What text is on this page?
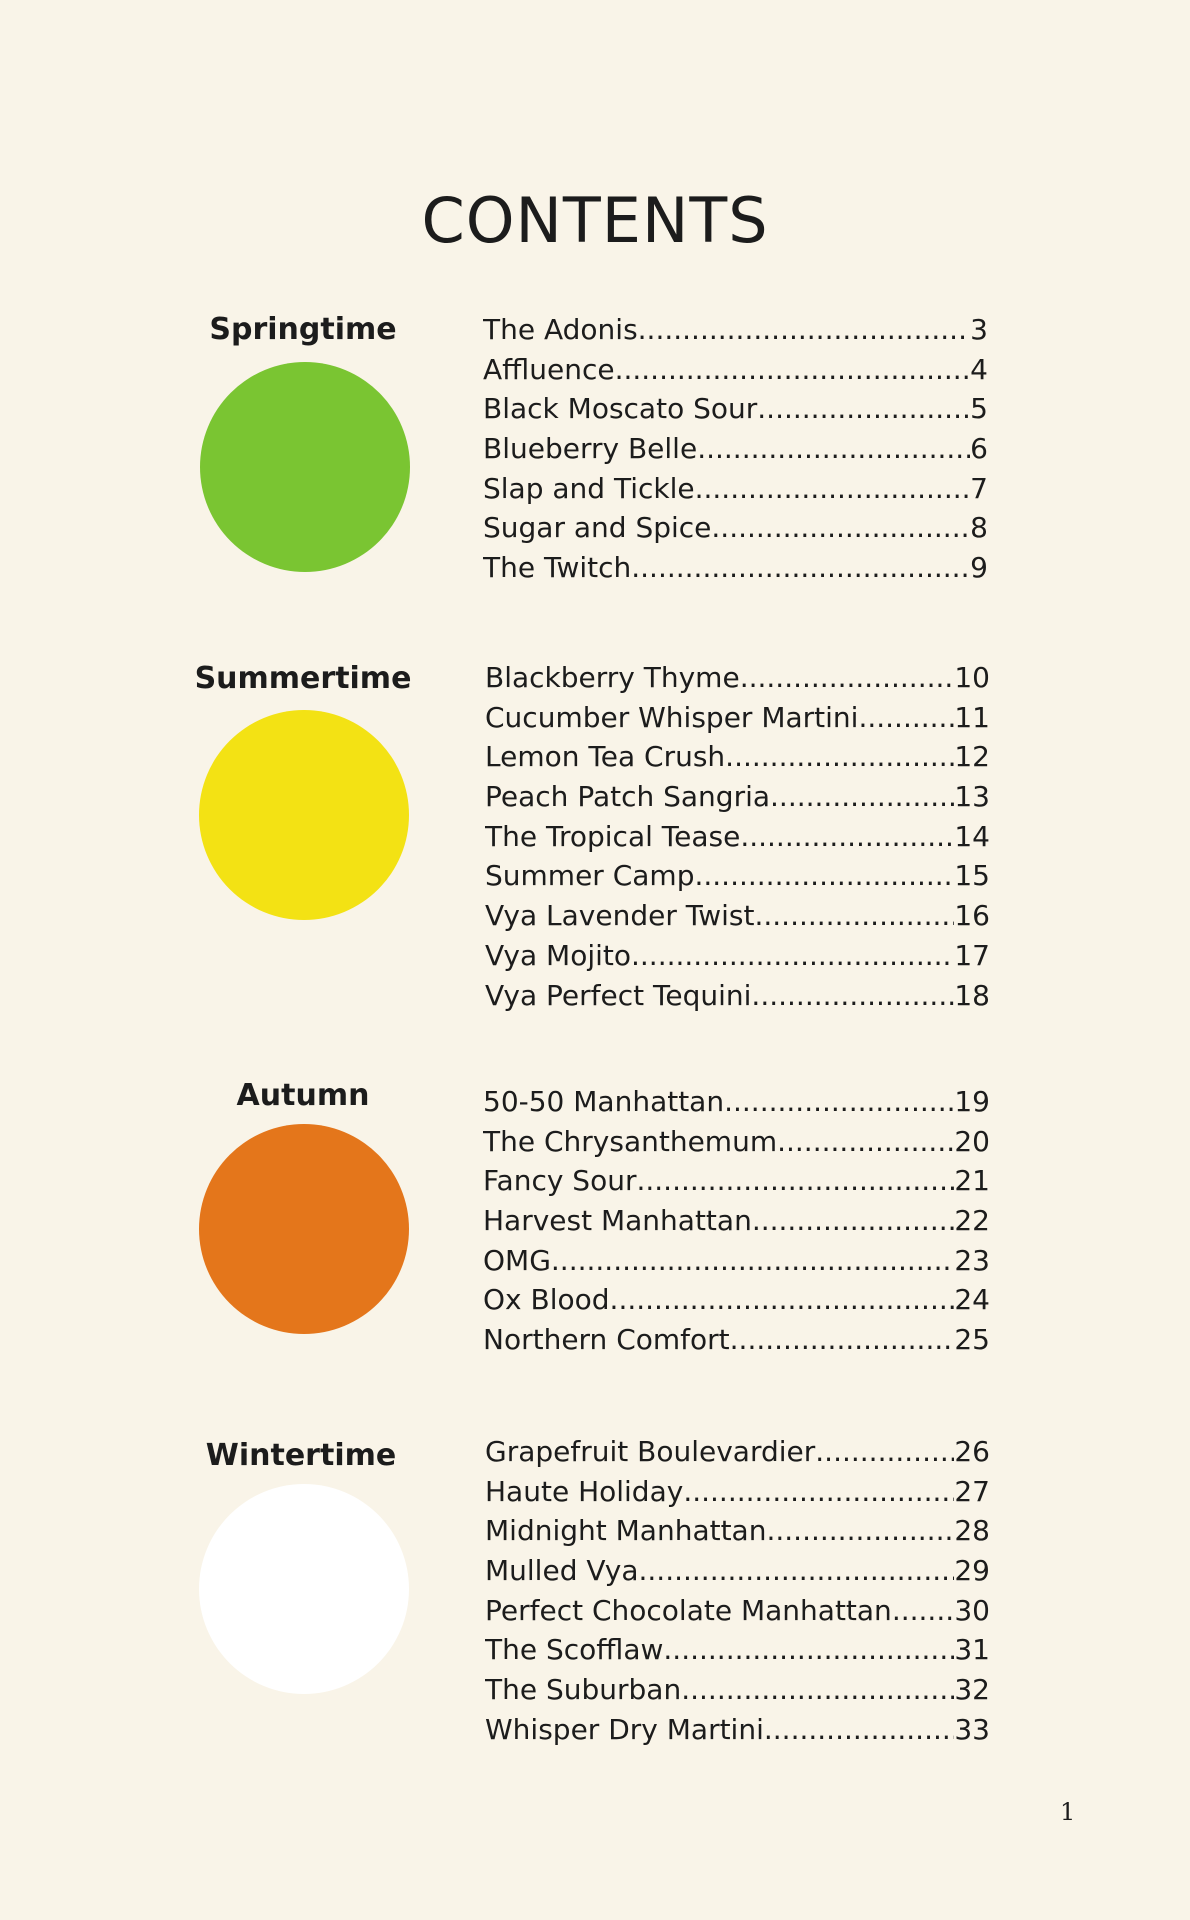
CONTENTS
Springtime	The Adonis .....	3
Affluence .....	4
Black Moscato Sour .....	5
Blueberry Belle .....	6
Slap and Tickle .....	7
Sugar and Spice .....	8
The Twitch .....	9
Summertime	Blackberry Thyme .....	10
Cucumber Whisper Martini .....	11
Lemon Tea Crush .....	12
Peach Patch Sangria .....	13
The Tropical Tease .....	14
Summer Camp .....	15
Vya Lavender Twist .....	16
Vya Mojito .....	17
Vya Perfect Tequini .....	18
Autumn	50-50 Manhattan .....	19
The Chrysanthemum .....	20
Fancy Sour .....	21
Harvest Manhattan .....	22
OMG .....	23
Ox Blood .....	24
Northern Comfort .....	25
Wintertime	Grapefruit Boulevardier .....	26
Haute Holiday .....	27
Midnight Manhattan .....	28
Mulled Vya .....	29
Perfect Chocolate Manhattan ..... 30
The Scofflaw .....	31
The Suburban .....	32
Whisper Dry Martini .....	33
1
